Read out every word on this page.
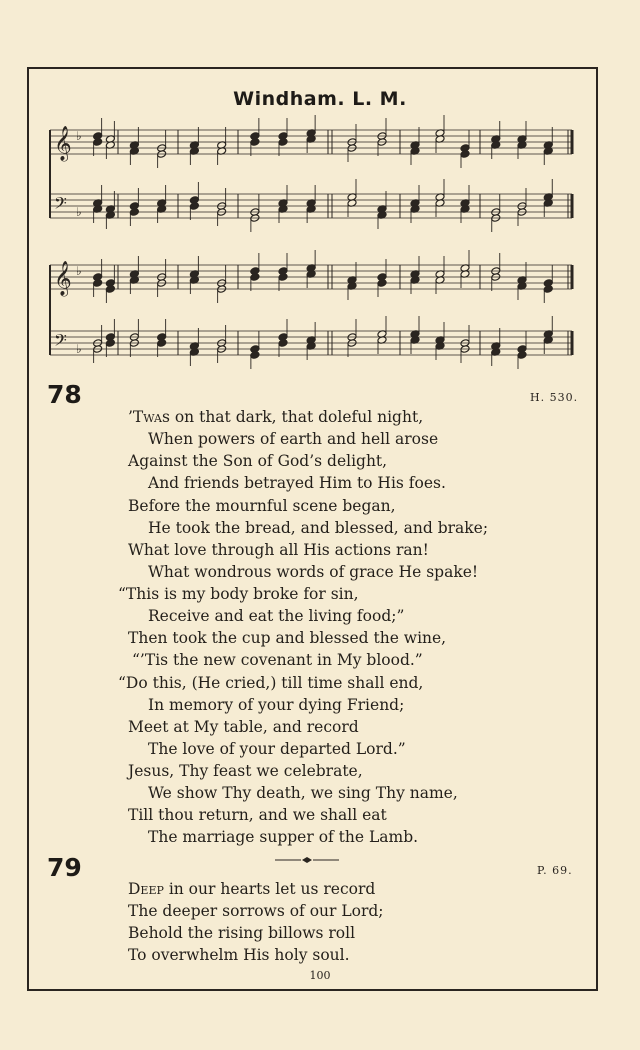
Windham. L. M.
𝄞 ♭
𝄢 ♭
𝄞 ♭
𝄢 ♭
78	H. 530.
’Twas on that dark, that doleful night,
When powers of earth and hell arose
Against the Son of God’s delight,
And friends betrayed Him to His foes.
Before the mournful scene began,
He took the bread, and blessed, and brake;
What love through all His actions ran!
What wondrous words of grace He spake!
“This is my body broke for sin,
Receive and eat the living food;”
Then took the cup and blessed the wine,
“’Tis the new covenant in My blood.”
“Do this, (He cried,) till time shall end,
In memory of your dying Friend;
Meet at My table, and record
The love of your departed Lord.”
Jesus, Thy feast we celebrate,
We show Thy death, we sing Thy name,
Till thou return, and we shall eat
The marriage supper of the Lamb.
79	P. 69.
Deep in our hearts let us record
The deeper sorrows of our Lord;
Behold the rising billows roll
To overwhelm His holy soul.
100
